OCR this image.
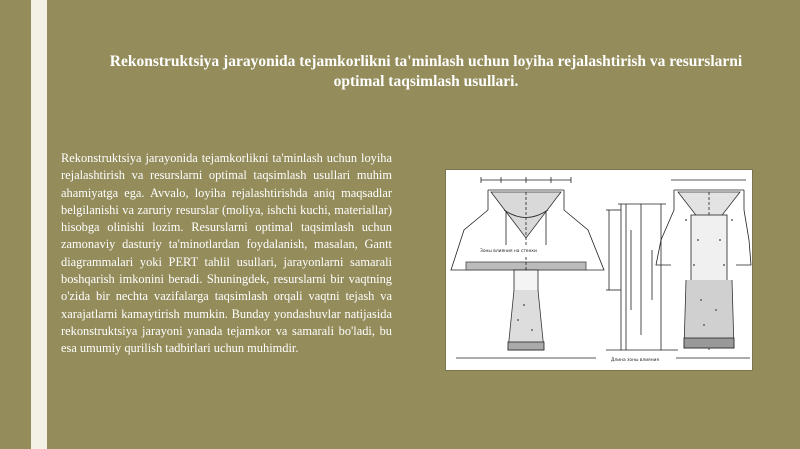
Rekonstruktsiya jarayonida tejamkorlikni ta'minlash uchun loyiha rejalashtirish va resurslarni optimal taqsimlash usullari.

Rekonstruktsiya jarayonida tejamkorlikni ta'minlash uchun loyiha rejalashtirish va resurslarni optimal taqsimlash usullari muhim ahamiyatga ega. Avvalo, loyiha rejalashtirishda aniq maqsadlar belgilanishi va zaruriy resurslar (moliya, ishchi kuchi, materiallar) hisobga olinishi lozim. Resurslarni optimal taqsimlash uchun zamonaviy dasturiy ta'minotlardan foydalanish, masalan, Gantt diagrammalari yoki PERT tahlil usullari, jarayonlarni samarali boshqarish imkonini beradi. Shuningdek, resurslarni bir vaqtning o'zida bir nechta vazifalarga taqsimlash orqali vaqtni tejash va xarajatlarni kamaytirish mumkin. Bunday yondashuvlar natijasida rekonstruktsiya jarayoni yanada tejamkor va samarali bo'ladi, bu esa umumiy qurilish tadbirlari uchun muhimdir.

Зоны влияния на стенки
Длина зоны влияния
